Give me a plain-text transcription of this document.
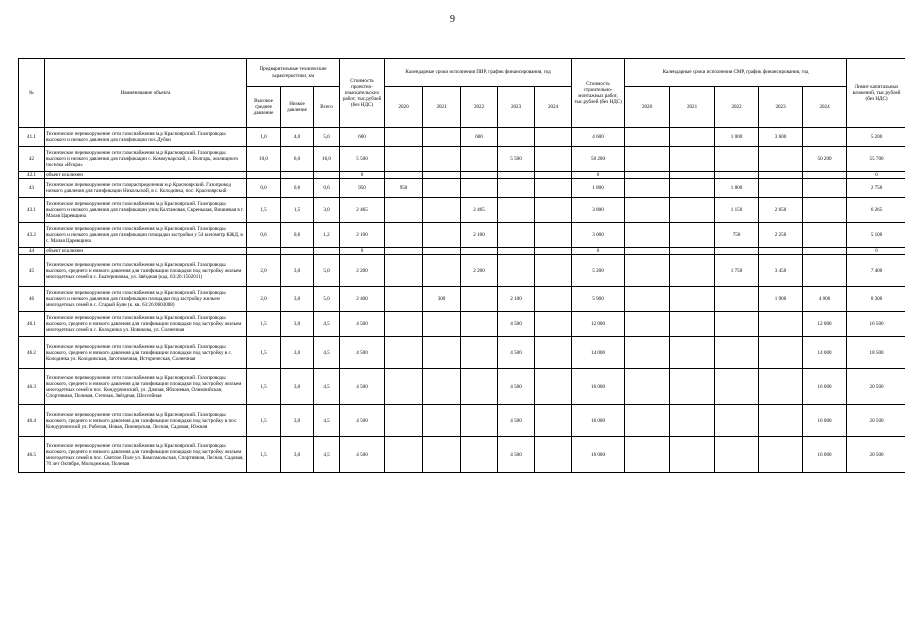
9
№	Наименование объекта	Предварительные технические характеристики, км			Стоимость проектно-изыскательских работ, тыс.рублей (без НДС)	Календарные сроки исполнения ПИР, график финансирования, год					Стоимость строительно-монтажных работ, тыс.рублей (без НДС)	Календарные сроки исполнения СМР, график финансирования, год					Лимит капитальных вложений, тыс.рублей (без НДС)
		Высокое среднее давление	Низкое давление	Всего		2020	2021	2022	2023	2024		2020	2021	2022	2023	2024	
41.1	Техническое перевооружение сети газоснабжения м.р Красноярский. Газопроводы высокого и низкого давления для газификации пос.Дубки	1,0	4,0	5,0	600			600			4 600			1 000	3 600		5 200
42	Техническое перевооружение сети газоснабжения м.р Красноярский. Газопроводы высокого и низкого давления для газификации с. Коммунарский, с. Волгарь, жилищного поселка «Искра»	10,0	6,0	16,0	5 500				5 500		50 200					50 200	55 700
42.1	объект исключен				0						0						0
43	Техническое перевооружение сети газораспределения м.р Красноярский. Газопровод низкого давления для газификации Никольской, в с. Колодинка, пос. Красноярский	0,0	0,6	0,6	950	950					1 800			1 800			2 750
43.1	Техническое перевооружение сети газоснабжения м.р Красноярский. Газопроводы высокого и низкого давления для газификации улиц Калтановая, Скреньшая, Вишневая в г. Малая Царевщина	1,5	1,5	3,0	2 465			2 465			3 800			1 150	2 650		6 265
43.2	Техническое перевооружение сети газоснабжения м.р Красноярский. Газопроводы высокого и низкого давления для газификации площадки застройки у 54 километр КЖД, в с. Малая Царевщина	0,6	0,6	1,2	2 100			2 100			3 000			750	2 250		5 100
44	объект исключен				0						0						0
45	Техническое перевооружение сети газоснабжения м.р Красноярский. Газопроводы высокого, среднего и низкого давления для газификации площадки под застройку жильем многодетных семей в с. Екатериновка, ул. Звёздная (кад. 63:26:1502011)	2,0	3,0	5,0	2 200			2 200			5 200			1 750	3 450		7 400
46	Техническое перевооружение сети газоснабжения м.р Красноярский. Газопроводы высокого и низкого давления для газификации площадки под застройку жильем многодетных семей в с. Старый Буян (к. кв. 63:26:0603008)	2,0	3,0	5,0	2 400		300		2 100		5 900				1 900	4 000	8 300
46.1	Техническое перевооружение сети газоснабжения м.р Красноярский. Газопроводы высокого, среднего и низкого давления для газификации площадки под застройку жильем многодетных семей в с. Колодинка ул. Новикова, ул. Солнечная	1,5	3,0	4,5	4 500				4 500		12 000					12 000	16 500
46.2	Техническое перевооружение сети газоснабжения м.р Красноярский. Газопроводы высокого, среднего и низкого давления для газификации площадки под застройку в с. Колодинка ул. Колодинская, Заготовочная, Историческая, Солнечная	1,5	3,0	4,5	4 500				4 500		14 000					14 000	18 500
46.3	Техническое перевооружение сети газоснабжения м.р Красноярский. Газопроводы высокого, среднего и низкого давления для газификации площадки под застройку жильем многодетных семей в пос. Кондурчинский, ул. Дачная, Яблоневая, Олимпийская, Спортивная, Полевая, Степная, Звёздная, Шоссейная	1,5	3,0	4,5	4 500				4 500		16 000					16 000	20 500
46.4	Техническое перевооружение сети газоснабжения м.р Красноярский. Газопроводы высокого, среднего и низкого давления для газификации площадки под застройку в пос. Кондурчинский ул. Рабочая, Новая, Пионерская, Лесная, Садовая, Южная	1,5	3,0	4,5	4 500				4 500		16 000					16 000	20 500
46.5	Техническое перевооружение сети газоснабжения м.р Красноярский. Газопроводы высокого, среднего и низкого давления для газификации площадки под застройку жильем многодетных семей в пос. Светлое Поле ул. Комсомольская, Спортивная, Лесная, Садовая, 70 лет Октября, Молодежная, Полевая	1,5	3,0	4,5	4 500				4 500		16 000					16 000	20 500
